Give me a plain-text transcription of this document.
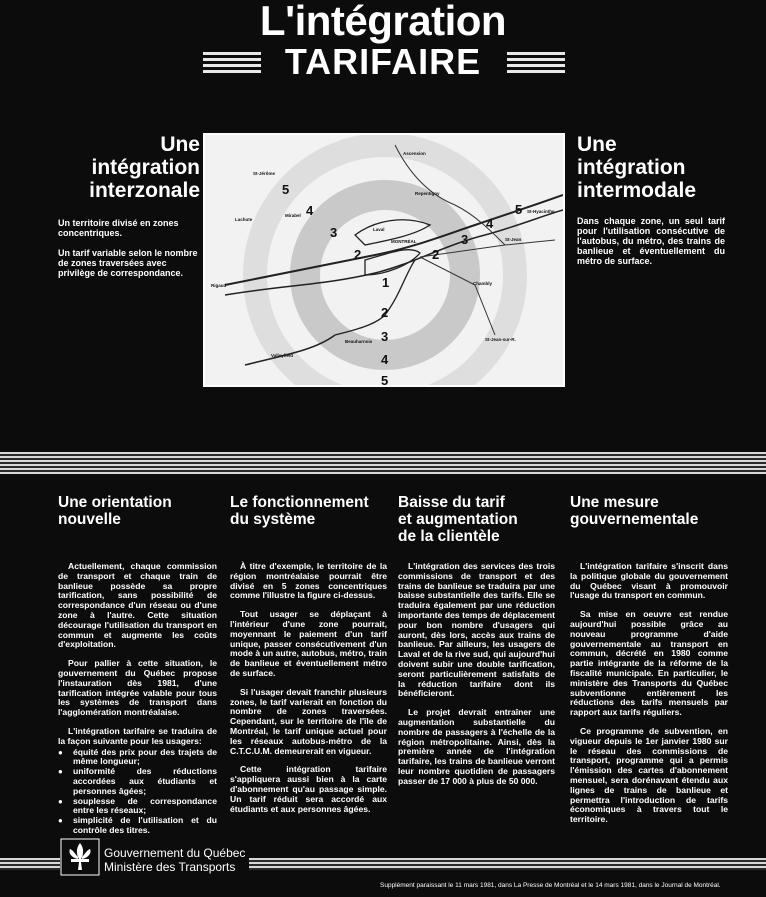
L'intégration
TARIFAIRE
Une
intégration
interzonale
Un territoire divisé en zones concentriques.
Un tarif variable selon le nombre de zones traversées avec privilège de correspondance.
1
2	2
2
3	3
3
4
4
4
5
5
5
St-Jérôme
Ascension
Repentigny
Mirabel
Lachute
Laval
MONTRÉAL
St-Hyacinthe
St-Jean
Chambly
Beauharnois
Rigaud
Valleyfield
St-Jean-sur-R.
Une
intégration
intermodale
Dans chaque zone, un seul tarif pour l'utilisation consécutive de l'autobus, du métro, des trains de banlieue et éventuellement du métro de surface.
Une orientation
nouvelle
Le fonctionnement
du système
Baisse du tarif
et augmentation
de la clientèle
Une mesure
gouvernementale

Actuellement, chaque commission de transport et chaque train de banlieue possède sa propre tarification, sans possibilité de correspondance d'un réseau ou d'une zone à l'autre. Cette situation décourage l'utilisation du transport en commun et augmente les coûts d'exploitation.

Pour pallier à cette situation, le gouvernement du Québec propose l'instauration dès 1981, d'une tarification intégrée valable pour tous les systèmes de transport dans l'agglomération montréalaise.

L'intégration tarifaire se traduira de la façon suivante pour les usagers:

● équité des prix pour des trajets de même longueur;
● uniformité des réductions accordées aux étudiants et personnes âgées;
● souplesse de correspondance entre les réseaux;
● simplicité de l'utilisation et du contrôle des titres.

À titre d'exemple, le territoire de la région montréalaise pourrait être divisé en 5 zones concentriques comme l'illustre la figure ci-dessus.

Tout usager se déplaçant à l'intérieur d'une zone pourrait, moyennant le paiement d'un tarif unique, passer consécutivement d'un mode à un autre, autobus, métro, train de banlieue et éventuellement métro de surface.

Si l'usager devait franchir plusieurs zones, le tarif varierait en fonction du nombre de zones traversées. Cependant, sur le territoire de l'île de Montréal, le tarif unique actuel pour les réseaux autobus-métro de la C.T.C.U.M. demeurerait en vigueur.

Cette intégration tarifaire s'appliquera aussi bien à la carte d'abonnement qu'au passage simple. Un tarif réduit sera accordé aux étudiants et aux personnes âgées.

L'intégration des services des trois commissions de transport et des trains de banlieue se traduira par une baisse substantielle des tarifs. Elle se traduira également par une réduction importante des temps de déplacement pour bon nombre d'usagers qui auront, dès lors, accès aux trains de banlieue. Par ailleurs, les usagers de Laval et de la rive sud, qui aujourd'hui doivent subir une double tarification, seront particulièrement satisfaits de la réduction tarifaire dont ils bénéficieront.

Le projet devrait entraîner une augmentation substantielle du nombre de passagers à l'échelle de la région métropolitaine. Ainsi, dès la première année de l'intégration tarifaire, les trains de banlieue verront leur nombre quotidien de passagers passer de 17 000 à plus de 50 000.

L'intégration tarifaire s'inscrit dans la politique globale du gouvernement du Québec visant à promouvoir l'usage du transport en commun.

Sa mise en oeuvre est rendue aujourd'hui possible grâce au nouveau programme d'aide gouvernementale au transport en commun, décrété en 1980 comme partie intégrante de la réforme de la fiscalité municipale. En particulier, le ministère des Transports du Québec subventionne entièrement les réductions des tarifs mensuels par rapport aux tarifs réguliers.

Ce programme de subvention, en vigueur depuis le 1er janvier 1980 sur le réseau des commissions de transport, programme qui a permis l'émission des cartes d'abonnement mensuel, sera dorénavant étendu aux lignes de trains de banlieue et permettra l'introduction de tarifs économiques à travers tout le territoire.

Gouvernement du Québec
Ministère des Transports
Supplément paraissant le 11 mars 1981, dans La Presse de Montréal et le 14 mars 1981, dans le Journal de Montréal.
